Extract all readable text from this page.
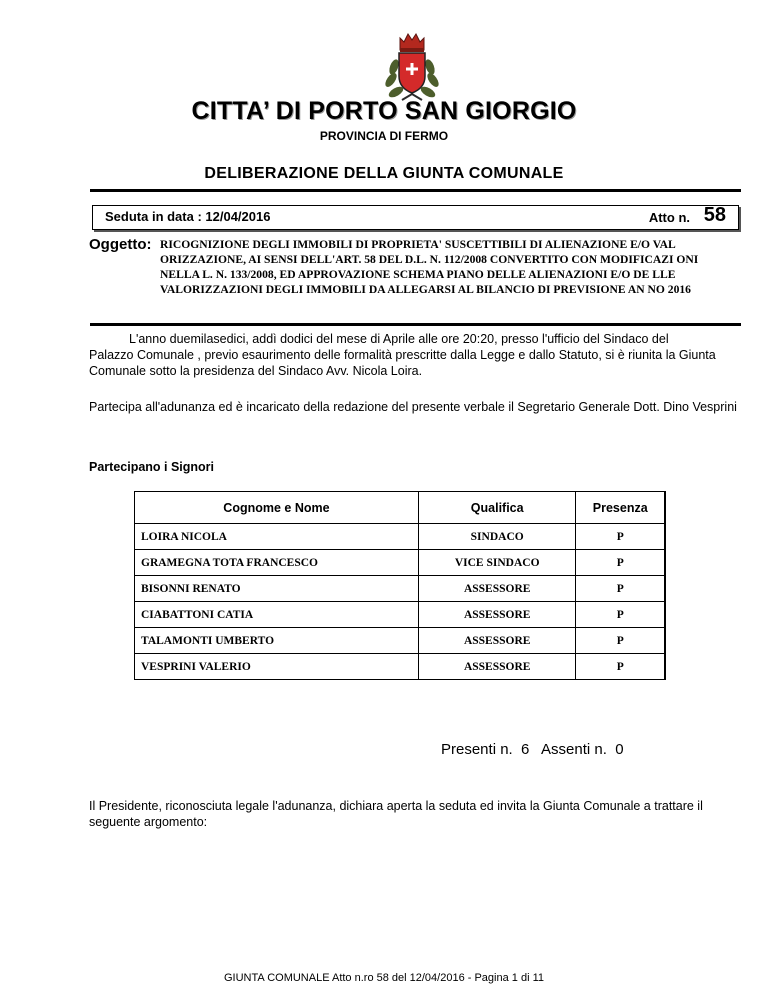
CITTA’ DI PORTO SAN GIORGIO
PROVINCIA DI FERMO
DELIBERAZIONE DELLA GIUNTA COMUNALE
Seduta in data : 12/04/2016	Atto n. 58
Oggetto: RICOGNIZIONE DEGLI IMMOBILI DI PROPRIETA' SUSCETTIBILI DI ALIENAZIONE E/O VAL ORIZZAZIONE, AI SENSI DELL'ART. 58 DEL D.L. N. 112/2008 CONVERTITO CON MODIFICAZI ONI NELLA L. N. 133/2008, ED APPROVAZIONE SCHEMA PIANO DELLE ALIENAZIONI E/O DE LLE VALORIZZAZIONI DEGLI IMMOBILI DA ALLEGARSI AL BILANCIO DI PREVISIONE AN NO 2016
L'anno duemilasedici, addì dodici del mese di Aprile alle ore 20:20, presso l'ufficio del Sindaco del
Palazzo Comunale , previo esaurimento delle formalità prescritte dalla Legge e dallo Statuto, si è riunita la Giunta Comunale sotto la presidenza del Sindaco Avv. Nicola Loira.
Partecipa all'adunanza ed è incaricato della redazione del presente verbale il Segretario Generale Dott. Dino Vesprini
Partecipano i Signori
Cognome e Nome	Qualifica	Presenza
LOIRA NICOLA	SINDACO	P
GRAMEGNA TOTA FRANCESCO	VICE SINDACO	P
BISONNI RENATO	ASSESSORE	P
CIABATTONI CATIA	ASSESSORE	P
TALAMONTI UMBERTO	ASSESSORE	P
VESPRINI VALERIO	ASSESSORE	P
Presenti n.  6   Assenti n.  0
Il Presidente, riconosciuta legale l'adunanza, dichiara aperta la seduta ed invita la Giunta Comunale a trattare il seguente argomento:
GIUNTA COMUNALE Atto n.ro 58 del 12/04/2016 - Pagina 1 di 11
